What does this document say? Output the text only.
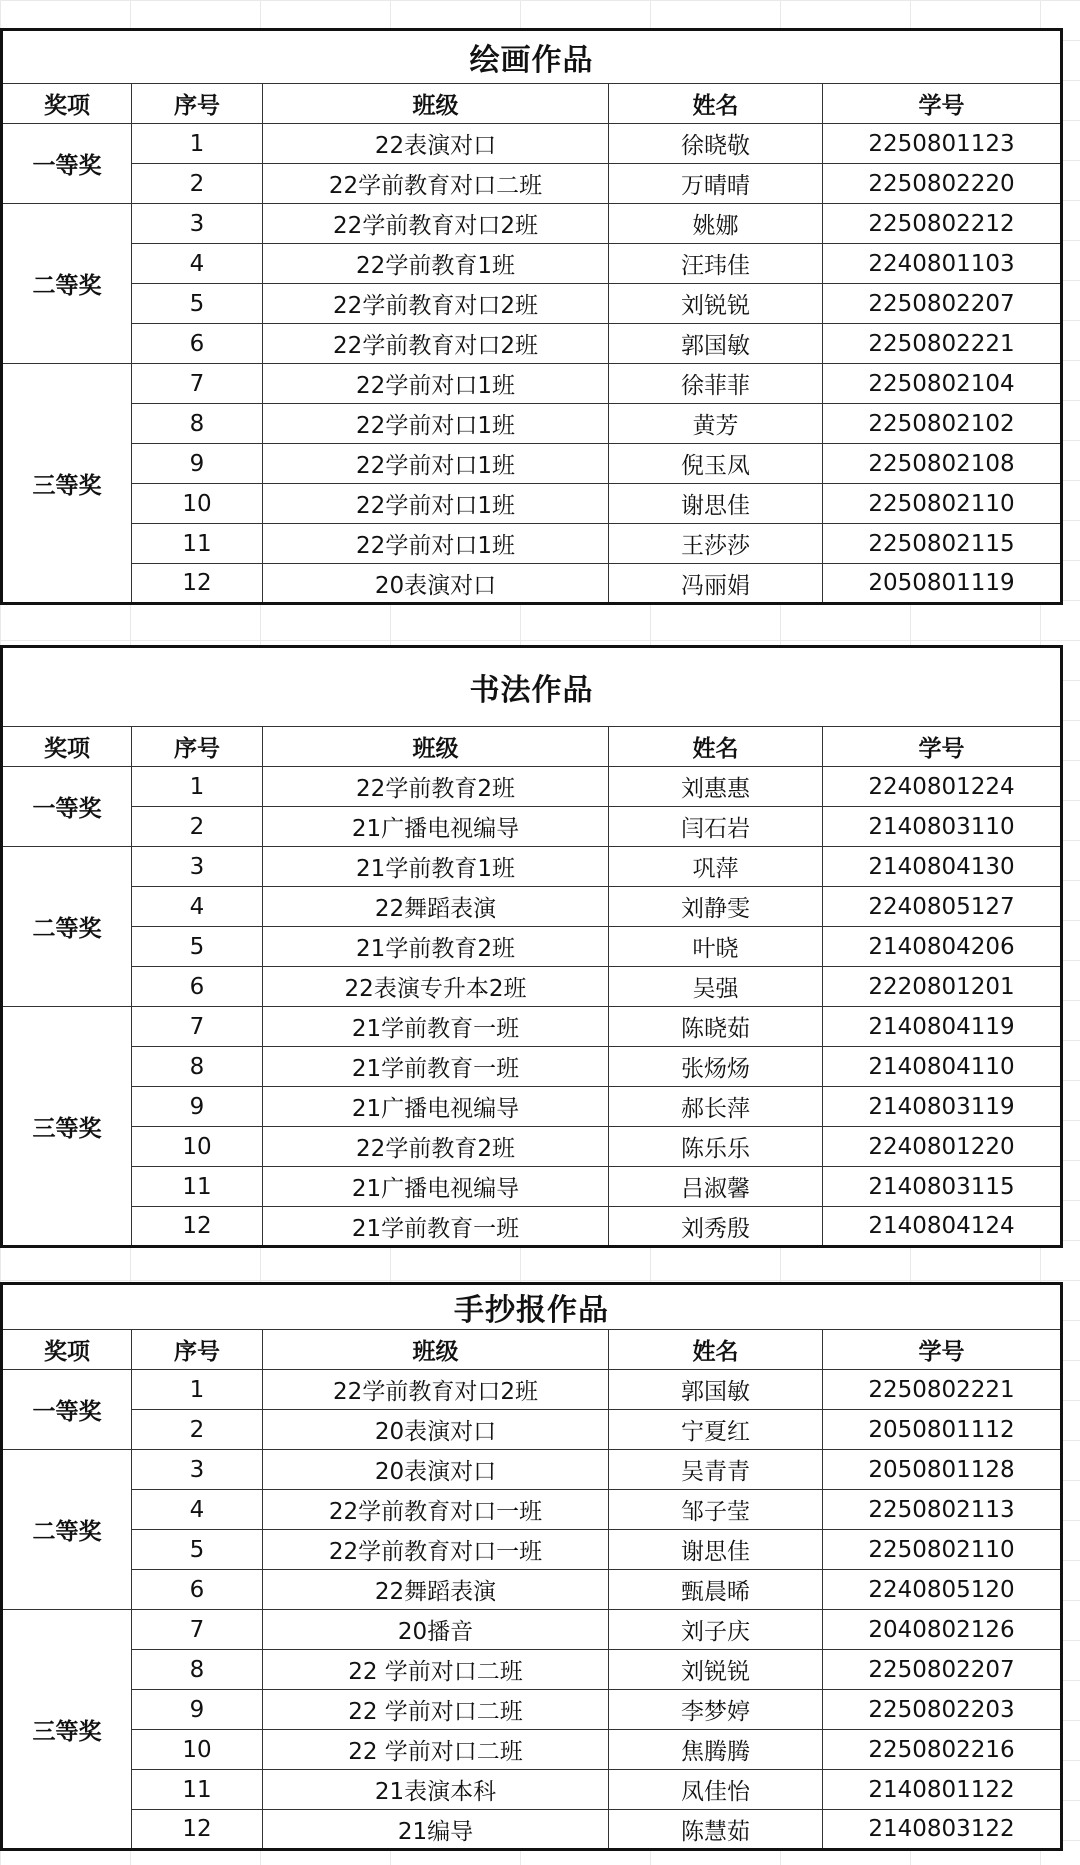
绘画作品				
奖项	序号	班级	姓名	学号
一等奖	1	22表演对口	徐晓敬	2250801123
	2	22学前教育对口二班	万晴晴	2250802220
二等奖	3	22学前教育对口2班	姚娜	2250802212
	4	22学前教育1班	汪玮佳	2240801103
	5	22学前教育对口2班	刘锐锐	2250802207
	6	22学前教育对口2班	郭国敏	2250802221
三等奖	7	22学前对口1班	徐菲菲	2250802104
	8	22学前对口1班	黄芳	2250802102
	9	22学前对口1班	倪玉凤	2250802108
	10	22学前对口1班	谢思佳	2250802110
	11	22学前对口1班	王莎莎	2250802115
	12	20表演对口	冯丽娟	2050801119
书法作品				
奖项	序号	班级	姓名	学号
一等奖	1	22学前教育2班	刘惠惠	2240801224
	2	21广播电视编导	闫石岩	2140803110
二等奖	3	21学前教育1班	巩萍	2140804130
	4	22舞蹈表演	刘静雯	2240805127
	5	21学前教育2班	叶晓	2140804206
	6	22表演专升本2班	吴强	2220801201
三等奖	7	21学前教育一班	陈晓茹	2140804119
	8	21学前教育一班	张炀炀	2140804110
	9	21广播电视编导	郝长萍	2140803119
	10	22学前教育2班	陈乐乐	2240801220
	11	21广播电视编导	吕淑馨	2140803115
	12	21学前教育一班	刘秀殷	2140804124
手抄报作品				
奖项	序号	班级	姓名	学号
一等奖	1	22学前教育对口2班	郭国敏	2250802221
	2	20表演对口	宁夏红	2050801112
二等奖	3	20表演对口	吴青青	2050801128
	4	22学前教育对口一班	邹子莹	2250802113
	5	22学前教育对口一班	谢思佳	2250802110
	6	22舞蹈表演	甄晨晞	2240805120
三等奖	7	20播音	刘子庆	2040802126
	8	22 学前对口二班	刘锐锐	2250802207
	9	22 学前对口二班	李梦婷	2250802203
	10	22 学前对口二班	焦腾腾	2250802216
	11	21表演本科	凤佳怡	2140801122
	12	21编导	陈慧茹	2140803122
